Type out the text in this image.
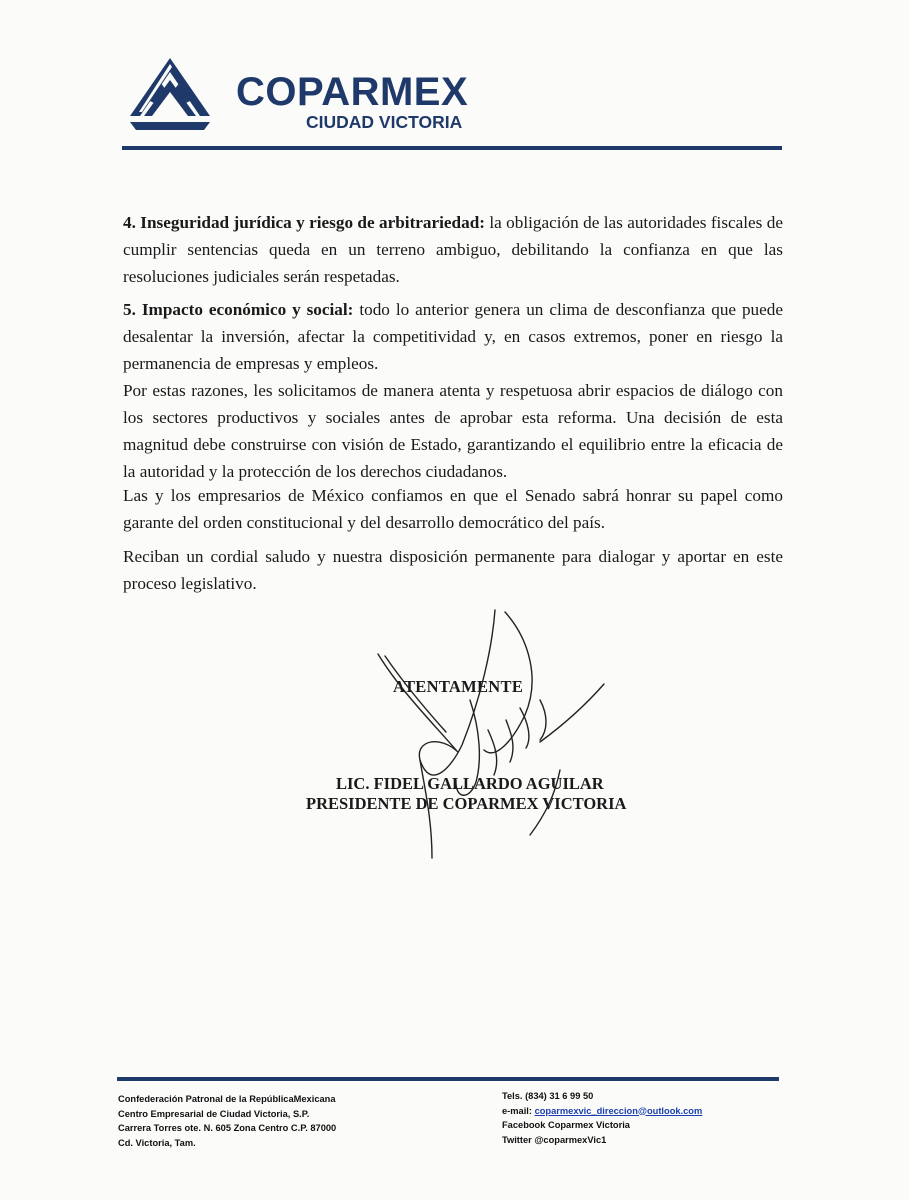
COPARMEX
CIUDAD VICTORIA

4. Inseguridad jurídica y riesgo de arbitrariedad: la obligación de las autoridades fiscales de cumplir sentencias queda en un terreno ambiguo, debilitando la confianza en que las resoluciones judiciales serán respetadas.

5. Impacto económico y social: todo lo anterior genera un clima de desconfianza que puede desalentar la inversión, afectar la competitividad y, en casos extremos, poner en riesgo la permanencia de empresas y empleos.

Por estas razones, les solicitamos de manera atenta y respetuosa abrir espacios de diálogo con los sectores productivos y sociales antes de aprobar esta reforma. Una decisión de esta magnitud debe construirse con visión de Estado, garantizando el equilibrio entre la eficacia de la autoridad y la protección de los derechos ciudadanos.

Las y los empresarios de México confiamos en que el Senado sabrá honrar su papel como garante del orden constitucional y del desarrollo democrático del país.

Reciban un cordial saludo y nuestra disposición permanente para dialogar y aportar en este proceso legislativo.

ATENTAMENTE
LIC. FIDEL GALLARDO AGUILAR
PRESIDENTE DE COPARMEX VICTORIA
Confederación Patronal de la RepúblicaMexicana
Centro Empresarial de Ciudad Victoria, S.P.
Carrera Torres ote. N. 605 Zona Centro C.P. 87000
Cd. Victoria, Tam.
Tels. (834) 31 6 99 50
e-mail: coparmexvic_direccion@outlook.com
Facebook Coparmex Victoria
Twitter @coparmexVic1
